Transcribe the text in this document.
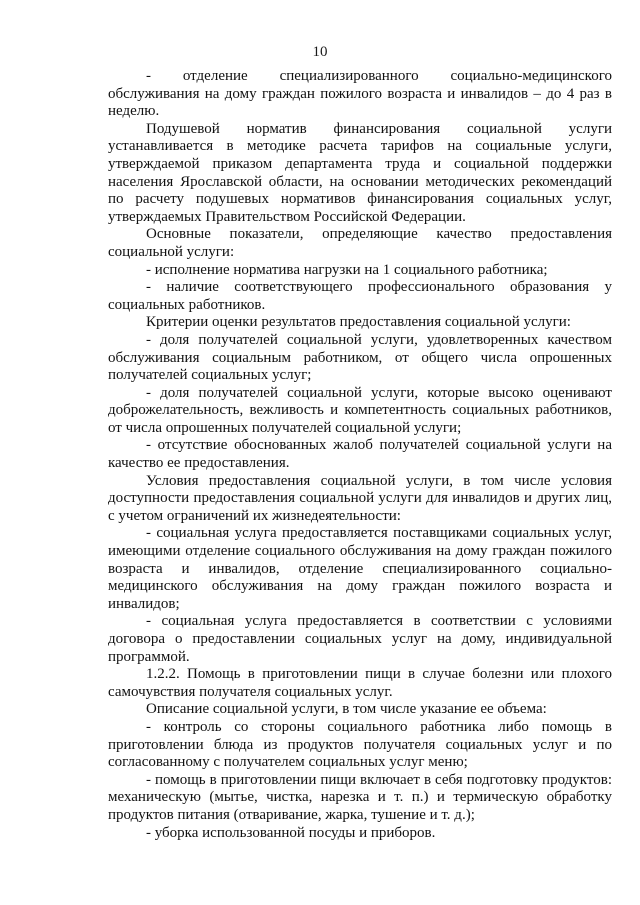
10

- отделение специализированного социально-медицинского обслуживания на дому граждан пожилого возраста и инвалидов – до 4 раз в неделю.

Подушевой норматив финансирования социальной услуги устанавливается в методике расчета тарифов на социальные услуги, утверждаемой приказом департамента труда и социальной поддержки населения Ярославской области, на основании методических рекомендаций по расчету подушевых нормативов финансирования социальных услуг, утверждаемых Правительством Российской Федерации.

Основные показатели, определяющие качество предоставления социальной услуги:

- исполнение норматива нагрузки на 1 социального работника;

- наличие соответствующего профессионального образования у социальных работников.

Критерии оценки результатов предоставления социальной услуги:

- доля получателей социальной услуги, удовлетворенных качеством обслуживания социальным работником, от общего числа опрошенных получателей социальных услуг;

- доля получателей социальной услуги, которые высоко оценивают доброжелательность, вежливость и компетентность социальных работников, от числа опрошенных получателей социальной услуги;

- отсутствие обоснованных жалоб получателей социальной услуги на качество ее предоставления.

Условия предоставления социальной услуги, в том числе условия доступности предоставления социальной услуги для инвалидов и других лиц, с учетом ограничений их жизнедеятельности:

- социальная услуга предоставляется поставщиками социальных услуг, имеющими отделение социального обслуживания на дому граждан пожилого возраста и инвалидов, отделение специализированного социально-медицинского обслуживания на дому граждан пожилого возраста и инвалидов;

- социальная услуга предоставляется в соответствии с условиями договора о предоставлении социальных услуг на дому, индивидуальной программой.

1.2.2. Помощь в приготовлении пищи в случае болезни или плохого самочувствия получателя социальных услуг.

Описание социальной услуги, в том числе указание ее объема:

- контроль со стороны социального работника либо помощь в приготовлении блюда из продуктов получателя социальных услуг и по согласованному с получателем социальных услуг меню;

- помощь в приготовлении пищи включает в себя подготовку продуктов: механическую (мытье, чистка, нарезка и т. п.) и термическую обработку продуктов питания (отваривание, жарка, тушение и т. д.);

- уборка использованной посуды и приборов.
